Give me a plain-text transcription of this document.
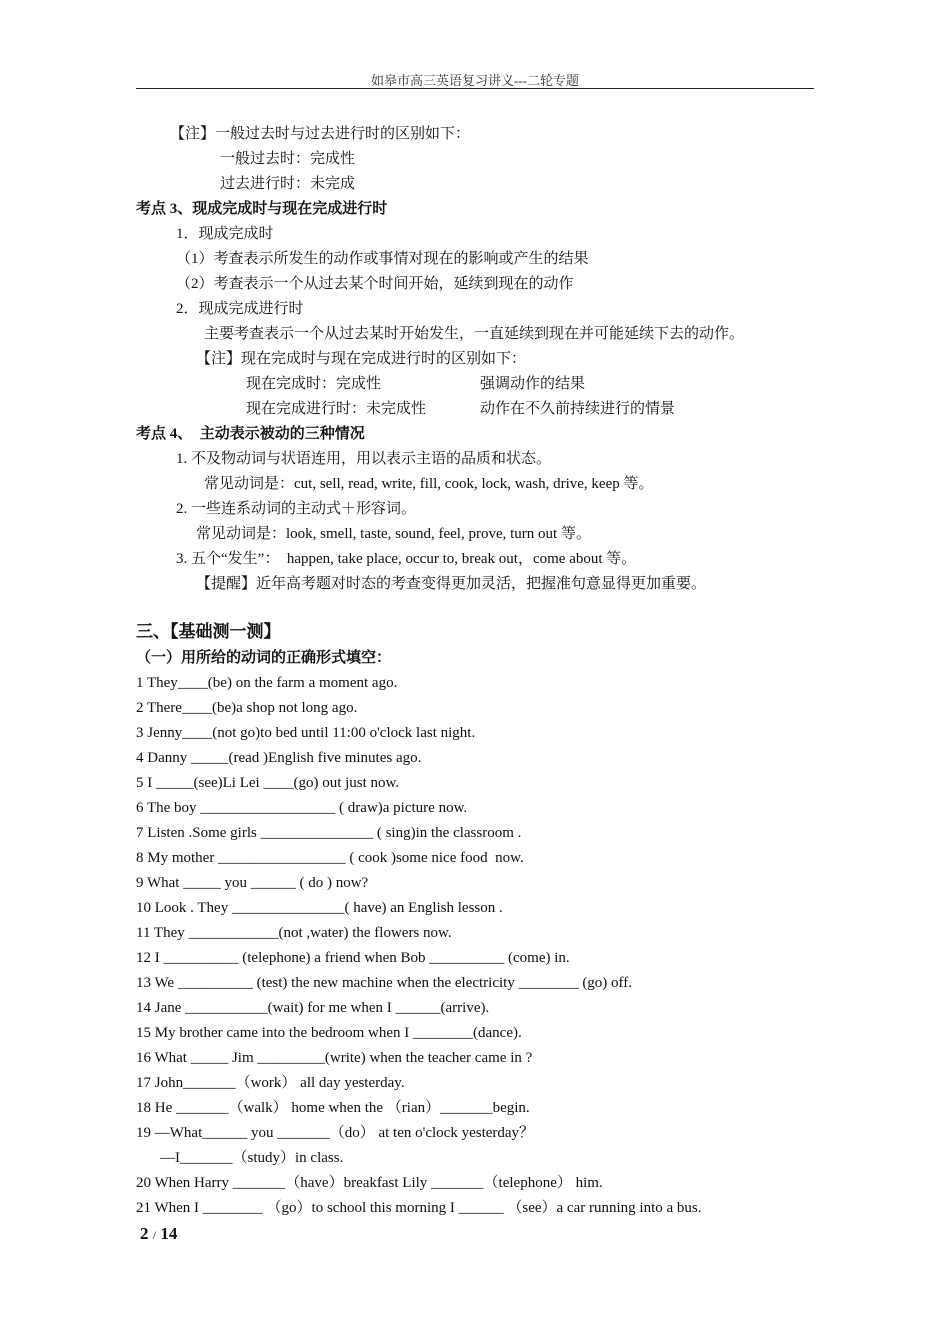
如皋市高三英语复习讲义---二轮专题
【注】一般过去时与过去进行时的区别如下：
一般过去时：完成性
过去进行时：未完成
考点 3、现成完成时与现在完成进行时
1．现成完成时
（1）考查表示所发生的动作或事情对现在的影响或产生的结果
（2）考查表示一个从过去某个时间开始，延续到现在的动作
2．现成完成进行时
主要考查表示一个从过去某时开始发生，一直延续到现在并可能延续下去的动作。
【注】现在完成时与现在完成进行时的区别如下：
现在完成时：完成性	强调动作的结果
现在完成进行时：未完成性	动作在不久前持续进行的情景
考点 4、  主动表示被动的三种情况
1. 不及物动词与状语连用，用以表示主语的品质和状态。
常见动词是：cut, sell, read, write, fill, cook, lock, wash, drive, keep 等。
2. 一些连系动词的主动式＋形容词。
常见动词是：look, smell, taste, sound, feel, prove, turn out 等。
3. 五个“发生”：  happen, take place, occur to, break out，come about 等。
【提醒】近年高考题对时态的考查变得更加灵活，把握准句意显得更加重要。
三、【基础测一测】
（一）用所给的动词的正确形式填空：
1 They____(be) on the farm a moment ago.
2 There____(be)a shop not long ago.
3 Jenny____(not go)to bed until 11:00 o'clock last night.
4 Danny _____(read )English five minutes ago.
5 I _____(see)Li Lei ____(go) out just now.
6 The boy __________________ ( draw)a picture now.
7 Listen .Some girls _______________ ( sing)in the classroom .
8 My mother _________________ ( cook )some nice food  now.
9 What _____ you ______ ( do ) now?
10 Look . They _______________( have) an English lesson .
11 They ____________(not ,water) the flowers now.
12 I __________ (telephone) a friend when Bob __________ (come) in.
13 We __________ (test) the new machine when the electricity ________ (go) off.
14 Jane ___________(wait) for me when I ______(arrive).
15 My brother came into the bedroom when I ________(dance).
16 What _____ Jim _________(write) when the teacher came in ?
17 John_______（work） all day yesterday.
18 He _______（walk） home when the （rian）_______begin.
19 —What______ you _______（do） at ten o'clock yesterday？
—I_______（study）in class.
20 When Harry _______（have）breakfast Lily _______（telephone） him.
21 When I ________ （go）to school this morning I ______ （see）a car running into a bus.
2 / 14
